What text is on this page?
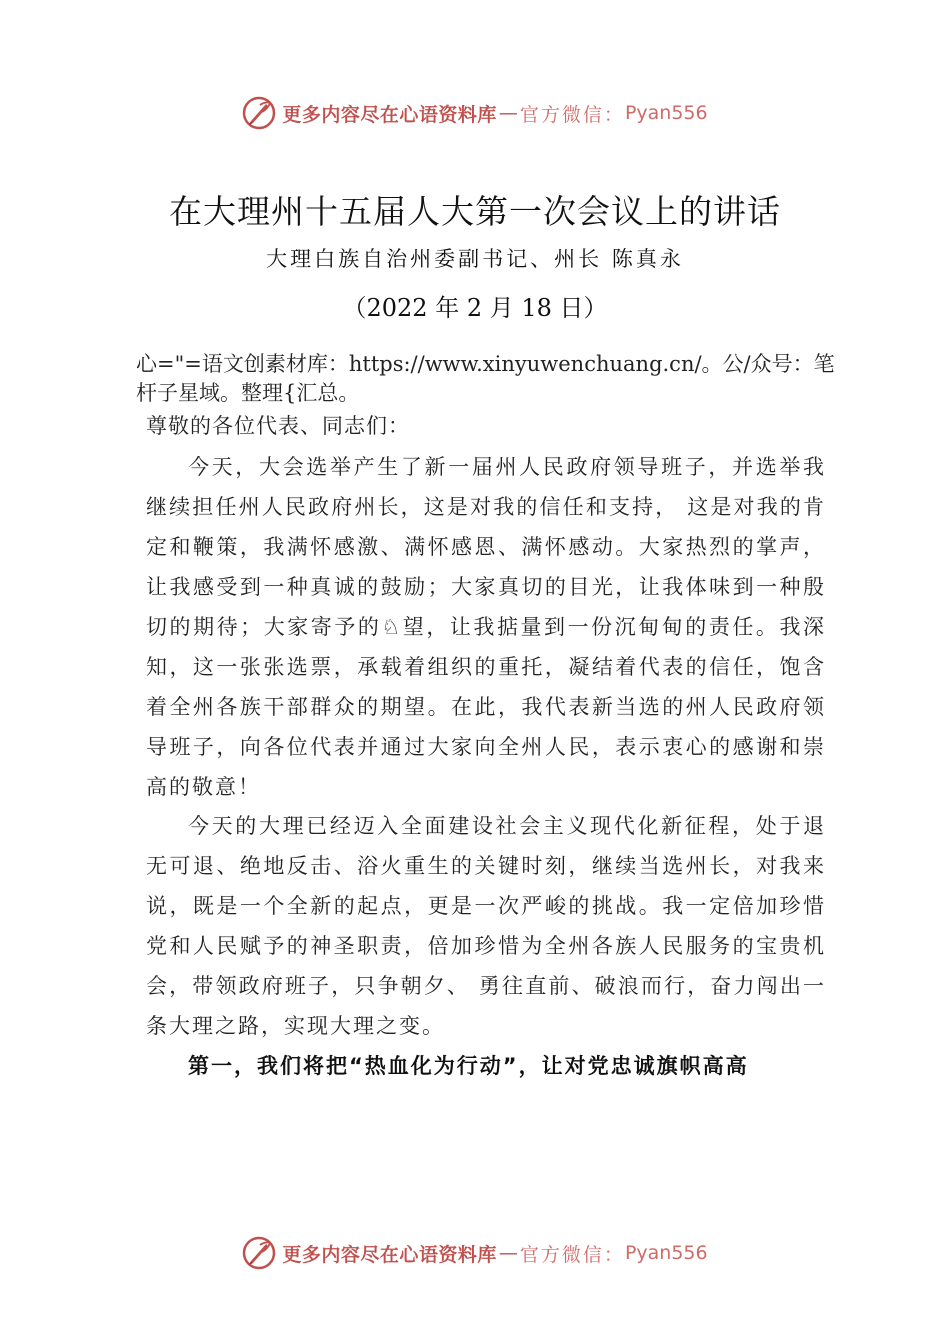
更多内容尽在心语资料库 — 官方微信： Pyan556
在大理州十五届人大第一次会议上的讲话
大理白族自治州委副书记、州长 陈真永
（2022 年 2 月 18 日）
心="=语文创素材库：https://www.xinyuwenchuang.cn/。公/众号：笔杆子星域。整理{汇总。
尊敬的各位代表、同志们：
今天，大会选举产生了新一届州人民政府领导班子，并选举我继续担任州人民政府州长，这是对我的信任和支持， 这是对我的肯定和鞭策，我满怀感激、满怀感恩、满怀感动。大家热烈的掌声，让我感受到一种真诚的鼓励；大家真切的目光，让我体味到一种殷切的期待；大家寄予的♘望，让我掂量到一份沉甸甸的责任。我深知，这一张张选票，承载着组织的重托，凝结着代表的信任，饱含着全州各族干部群众的期望。在此，我代表新当选的州人民政府领导班子，向各位代表并通过大家向全州人民，表示衷心的感谢和崇高的敬意！
今天的大理已经迈入全面建设社会主义现代化新征程，处于退无可退、绝地反击、浴火重生的关键时刻，继续当选州长，对我来说，既是一个全新的起点，更是一次严峻的挑战。我一定倍加珍惜党和人民赋予的神圣职责，倍加珍惜为全州各族人民服务的宝贵机会，带领政府班子，只争朝夕、 勇往直前、破浪而行，奋力闯出一条大理之路，实现大理之变。
第一，我们将把“热血化为行动”，让对党忠诚旗帜高高
更多内容尽在心语资料库 — 官方微信： Pyan556
